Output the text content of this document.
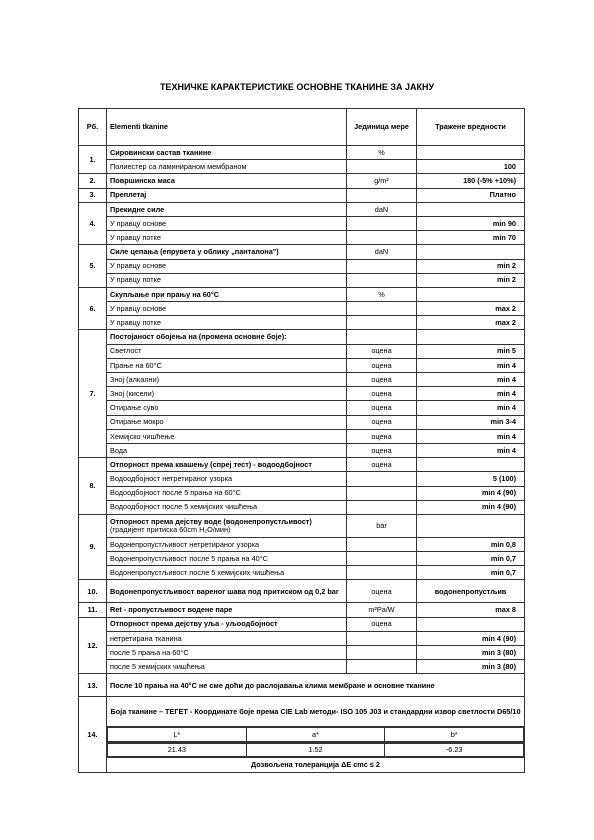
ТЕХНИЧКЕ КАРАКТЕРИСТИКЕ ОСНОВНЕ ТКАНИНЕ ЗА ЈАКНУ
Рб.	Elementi tkanine	Јединица мере	Тражене вредности
1.	Сировински састав тканине	%	
Полиестер са ламинираном мембраном		100
2.	Површинска маса	g/m²	180 (-5% +10%)
3.	Преплетај		Платно
4.	Прекидне силе	daN	
У правцу основе		min 90
У правцу потке		min 70
5.	Силе цепања (епрувета у облику „панталона")	daN	
У правцу основе		min 2
У правцу потке		min 2
6.	Скупљање при прању на 60°C	%	
У правцу основе		max 2
У правцу потке		max 2
7.	Постојаност обојења на (промена основне боје):		
Светлост	оцена	min 5
Прање на 60°C	оцена	min 4
Зној (алкални)	оцена	min 4
Зној (кисели)	оцена	min 4
Отирање суво	оцена	min 4
Отирање мокро	оцена	min 3-4
Хемијско чишћење	оцена	min 4
Вода	оцена	min 4
8.	Отпорност према квашењу (спреј тест) - водоодбојност	оцена	
Водоодбојност нетретираног узорка		5 (100)
Водоодбојност после 5 прања на 60°C		min 4 (90)
Водоодбојност после 5 хемијских чишћења		min 4 (90)
9.	Отпорност према дејству воде (водонепропустљивост)
(градијент притиска 60cm H₂O/мин)	bar	
Водонепропустљивост нетретираног узорка		min 0,8
Водонепропустљивост после 5 прања на 40°C		min 0,7
Водонепропустљивост после 5 хемијских чишћења		min 0,7
10.	Водонепропустљивост вареног шава под притиском од 0,2 bar	оцена	водонепропустљив
11.	Ret - пропустљивост водене паре	m²Pa/W	max 8
12.	Отпорност према дејству уља - уљоодбојност	оцена	
нетретирана тканина		min 4 (90)
после 5 прања на 60°C		min 3 (80)
после 5 хемијских чишћења		min 3 (80)
13.	После 10 прања на 40°C не сме доћи до раслојавања клима мембране и основне тканине
14.	Боја тканине – ТЕГЕТ - Координате боје према CIE Lab методи- ISO 105 J03 и стандардни извор светлости D65/10

L*	a*	b*

21.43	1.52	-6.23

Дозвољена толеранција ΔE cmc ≤ 2
